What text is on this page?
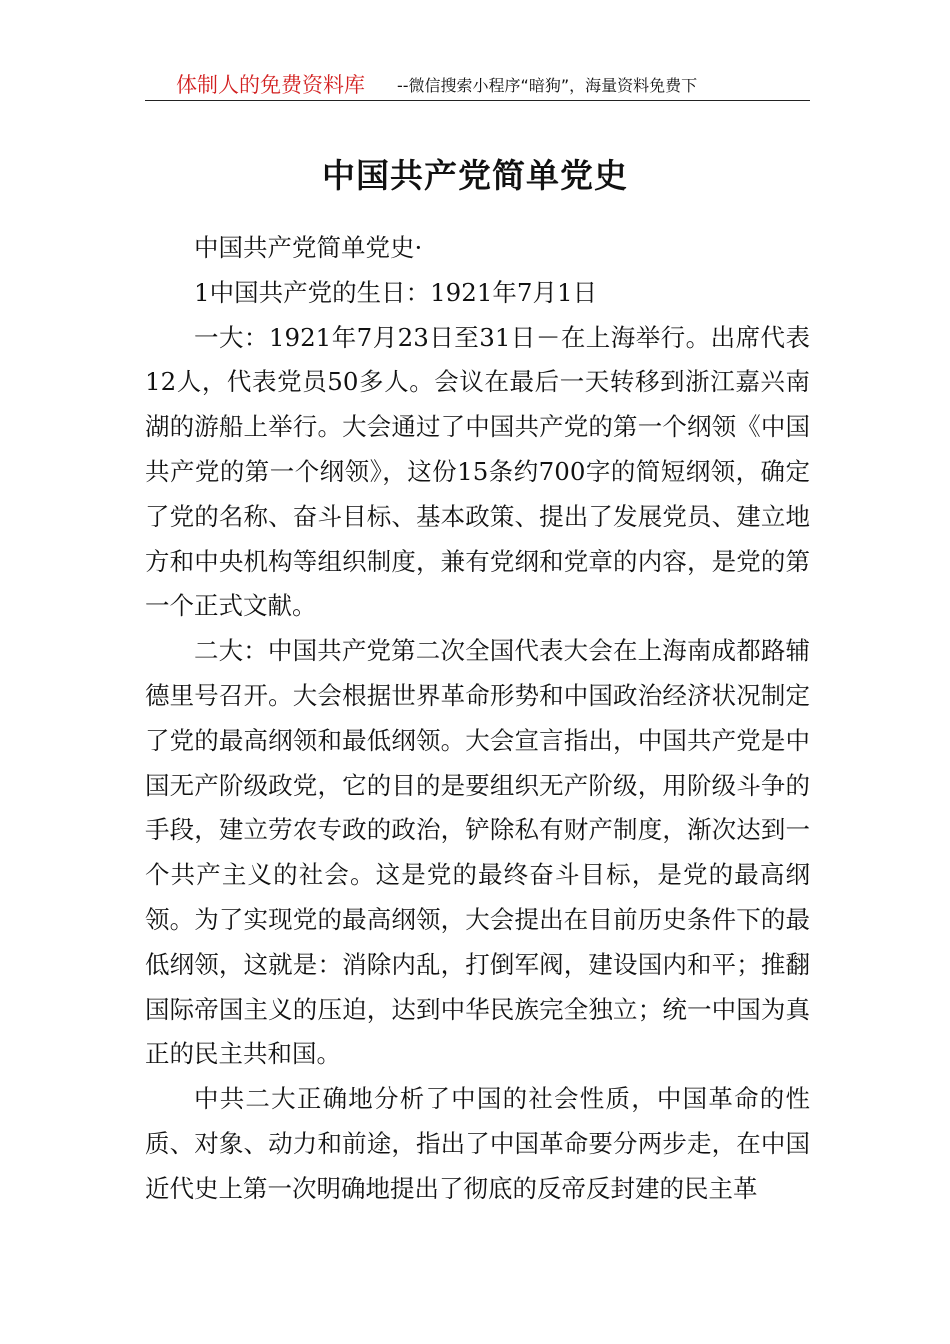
体制人的免费资料库 --微信搜索小程序“暗狗”，海量资料免费下
中国共产党简单党史

中国共产党简单党史·

1中国共产党的生日：1921年7月1日

一大：1921年7月23日至31日－在上海举行。出席代表12人，代表党员50多人。会议在最后一天转移到浙江嘉兴南湖的游船上举行。大会通过了中国共产党的第一个纲领《中国共产党的第一个纲领》，这份15条约700字的简短纲领，确定了党的名称、奋斗目标、基本政策、提出了发展党员、建立地方和中央机构等组织制度，兼有党纲和党章的内容，是党的第一个正式文献。

二大：中国共产党第二次全国代表大会在上海南成都路辅德里号召开。大会根据世界革命形势和中国政治经济状况制定了党的最高纲领和最低纲领。大会宣言指出，中国共产党是中国无产阶级政党，它的目的是要组织无产阶级，用阶级斗争的手段，建立劳农专政的政治，铲除私有财产制度，渐次达到一个共产主义的社会。这是党的最终奋斗目标，是党的最高纲领。为了实现党的最高纲领，大会提出在目前历史条件下的最低纲领，这就是：消除内乱，打倒军阀，建设国内和平；推翻国际帝国主义的压迫，达到中华民族完全独立；统一中国为真正的民主共和国。

中共二大正确地分析了中国的社会性质，中国革命的性质、对象、动力和前途，指出了中国革命要分两步走，在中国近代史上第一次明确地提出了彻底的反帝反封建的民主革
